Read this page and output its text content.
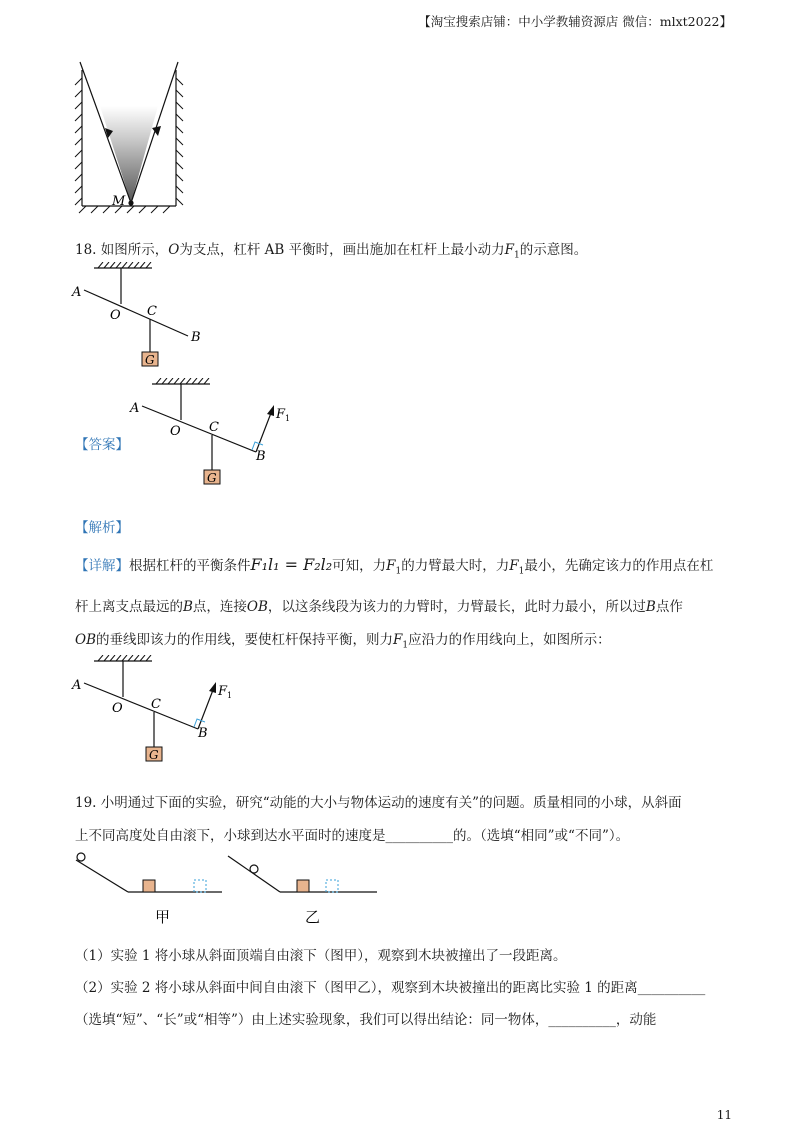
【淘宝搜索店铺：中小学教辅资源店 微信：mlxt2022】
M
18. 如图所示，O为支点，杠杆 AB 平衡时，画出施加在杠杆上最小动力$F_1$的示意图。
A
O C
B
G
【答案】
A
O C
B
G
F 1
【解析】
【详解】根据杠杆的平衡条件F₁l₁ = F₂l₂可知，力$F_1$的力臂最大时，力$F_1$最小，先确定该力的作用点在杠
杆上离支点最远的B点，连接OB，以这条线段为该力的力臂时，力臂最长，此时力最小，所以过B点作
OB的垂线即该力的作用线，要使杠杆保持平衡，则力$F_1$应沿力的作用线向上，如图所示：
A
O C
B
G
F 1
19. 小明通过下面的实验，研究“动能的大小与物体运动的速度有关”的问题。质量相同的小球，从斜面
上不同高度处自由滚下，小球到达水平面时的速度是__________的。（选填“相同”或“不同”）。
甲	乙
（1）实验 1 将小球从斜面顶端自由滚下（图甲），观察到木块被撞出了一段距离。
（2）实验 2 将小球从斜面中间自由滚下（图甲乙），观察到木块被撞出的距离比实验 1 的距离__________
（选填“短”、“长”或“相等”）由上述实验现象，我们可以得出结论：同一物体，__________，动能
11
